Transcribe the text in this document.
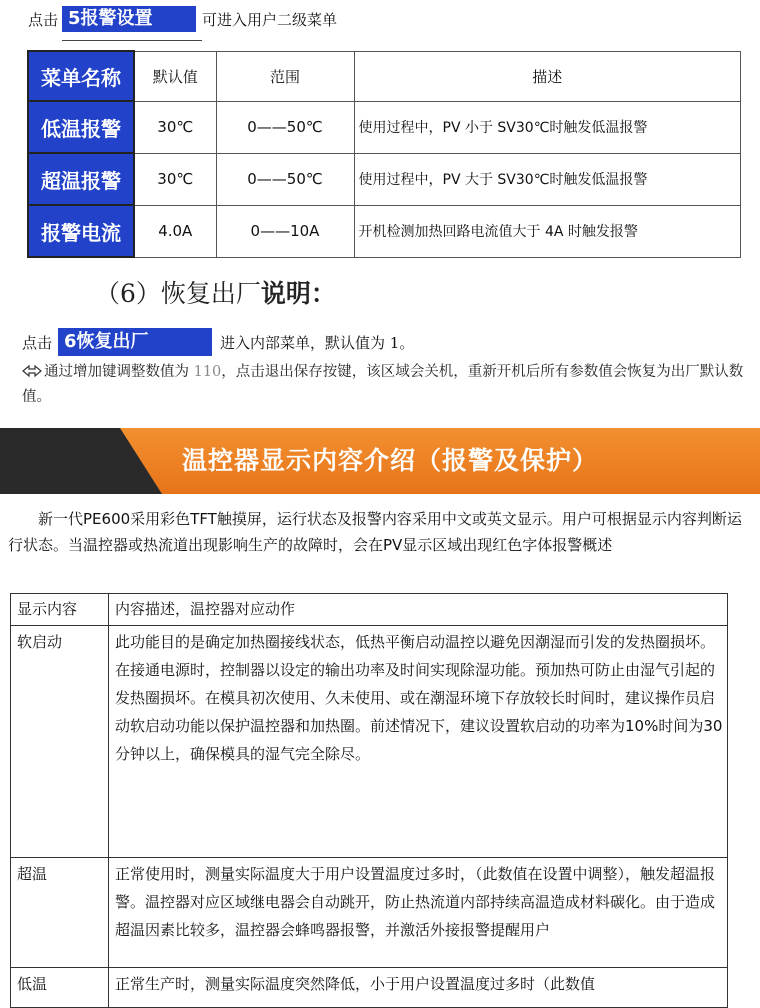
点击 5报警设置	可进入用户二级菜单
菜单名称	默认值	范围	描述
低温报警	30℃	0——50℃	使用过程中，PV 小于 SV30℃时触发低温报警
超温报警	30℃	0——50℃	使用过程中，PV 大于 SV30℃时触发低温报警
报警电流	4.0A	0——10A	开机检测加热回路电流值大于 4A 时触发报警
（6）恢复出厂说明：
点击 6恢复出厂	进入内部菜单，默认值为 1。
通过增加键调整数值为 110，点击退出保存按键，该区域会关机，重新开机后所有参数值会恢复为出厂默认数值。
温控器显示内容介绍（报警及保护）
新一代PE600采用彩色TFT触摸屏，运行状态及报警内容采用中文或英文显示。用户可根据显示内容判断运行状态。当温控器或热流道出现影响生产的故障时，会在PV显示区域出现红色字体报警概述
显示内容	内容描述，温控器对应动作
软启动	此功能目的是确定加热圈接线状态，低热平衡启动温控以避免因潮湿而引发的发热圈损坏。在接通电源时，控制器以设定的输出功率及时间实现除湿功能。预加热可防止由湿气引起的发热圈损坏。在模具初次使用、久未使用、或在潮湿环境下存放较长时间时，建议操作员启动软启动功能以保护温控器和加热圈。前述情况下，建议设置软启动的功率为10%时间为30分钟以上，确保模具的湿气完全除尽。
超温	正常使用时，测量实际温度大于用户设置温度过多时，（此数值在设置中调整），触发超温报警。温控器对应区域继电器会自动跳开，防止热流道内部持续高温造成材料碳化。由于造成超温因素比较多，温控器会蜂鸣器报警，并激活外接报警提醒用户
低温	正常生产时，测量实际温度突然降低，小于用户设置温度过多时（此数值
